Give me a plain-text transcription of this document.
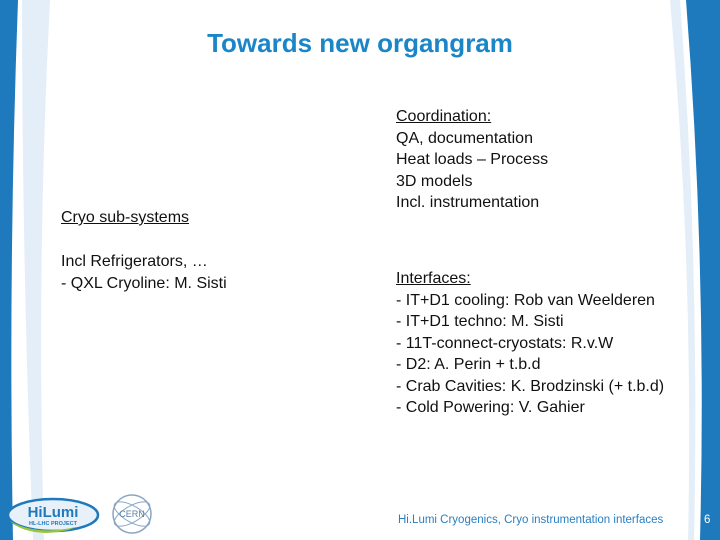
Towards new organgram
Cryo sub-systems
Incl Refrigerators, …
- QXL Cryoline: M. Sisti
Coordination:
QA, documentation
Heat loads – Process
3D models
Incl. instrumentation
Interfaces:
- IT+D1 cooling: Rob van Weelderen
- IT+D1 techno: M. Sisti
- 11T-connect-cryostats: R.v.W
- D2: A. Perin + t.b.d
- Crab Cavities: K. Brodzinski (+ t.b.d)
- Cold Powering: V. Gahier
HiLumi
HL-LHC PROJECT
CERN	Hi.Lumi Cryogenics, Cryo instrumentation interfaces	6
